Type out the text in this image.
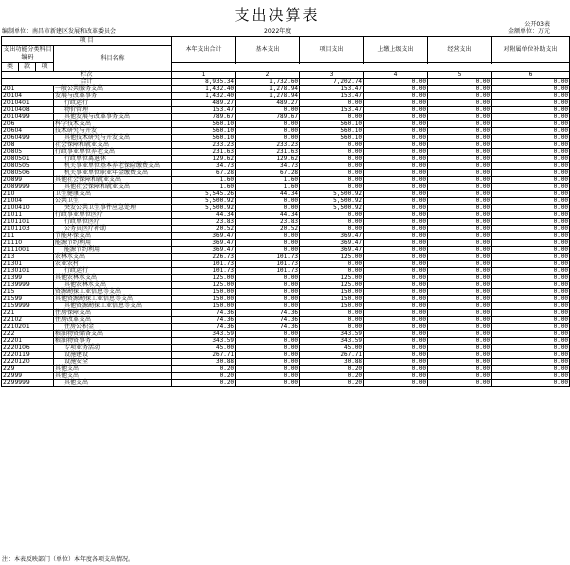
支出决算表
公开03表
编制单位：南昌市新建区发展和改革委员会	2022年度	金额单位：万元
项 目				本年支出合计	基本支出	项目支出	上缴上级支出	经营支出	对附属单位补助支出
支出功能分类科目编码			科目名称						

类	款	项							
栏次				1	2	3	4	5	6
合计				8,935.34	1,732.60	7,202.74	0.00	0.00	0.00
201			一般公共服务支出	1,432.40	1,278.94	153.47	0.00	0.00	0.00
20104			发展与改革事务	1,432.40	1,278.94	153.47	0.00	0.00	0.00
2010401			行政运行	489.27	489.27	0.00	0.00	0.00	0.00
2010408			物价管理	153.47	0.00	153.47	0.00	0.00	0.00
2010499			其他发展与改革事务支出	789.67	789.67	0.00	0.00	0.00	0.00
206			科学技术支出	560.10	0.00	560.10	0.00	0.00	0.00
20604			技术研究与开发	560.10	0.00	560.10	0.00	0.00	0.00
2060499			其他技术研究与开发支出	560.10	0.00	560.10	0.00	0.00	0.00
208			社会保障和就业支出	233.23	233.23	0.00	0.00	0.00	0.00
20805			行政事业单位养老支出	231.63	231.63	0.00	0.00	0.00	0.00
2080501			行政单位离退休	129.62	129.62	0.00	0.00	0.00	0.00
2080505			机关事业单位基本养老保险缴费支出	34.73	34.73	0.00	0.00	0.00	0.00
2080506			机关事业单位职业年金缴费支出	67.28	67.28	0.00	0.00	0.00	0.00
20899			其他社会保障和就业支出	1.60	1.60	0.00	0.00	0.00	0.00
2089999			其他社会保障和就业支出	1.60	1.60	0.00	0.00	0.00	0.00
210			卫生健康支出	5,545.26	44.34	5,500.92	0.00	0.00	0.00
21004			公共卫生	5,500.92	0.00	5,500.92	0.00	0.00	0.00
2100410			突发公共卫生事件应急处理	5,500.92	0.00	5,500.92	0.00	0.00	0.00
21011			行政事业单位医疗	44.34	44.34	0.00	0.00	0.00	0.00
2101101			行政单位医疗	23.83	23.83	0.00	0.00	0.00	0.00
2101103			公务员医疗补助	20.52	20.52	0.00	0.00	0.00	0.00
211			节能环保支出	369.47	0.00	369.47	0.00	0.00	0.00
21110			能源节约利用	369.47	0.00	369.47	0.00	0.00	0.00
2111001			能源节约利用	369.47	0.00	369.47	0.00	0.00	0.00
213			农林水支出	226.73	101.73	125.00	0.00	0.00	0.00
21301			农业农村	101.73	101.73	0.00	0.00	0.00	0.00
2130101			行政运行	101.73	101.73	0.00	0.00	0.00	0.00
21399			其他农林水支出	125.00	0.00	125.00	0.00	0.00	0.00
2139999			其他农林水支出	125.00	0.00	125.00	0.00	0.00	0.00
215			资源勘探工业信息等支出	150.00	0.00	150.00	0.00	0.00	0.00
21599			其他资源勘探工业信息等支出	150.00	0.00	150.00	0.00	0.00	0.00
2159999			其他资源勘探工业信息等支出	150.00	0.00	150.00	0.00	0.00	0.00
221			住房保障支出	74.36	74.36	0.00	0.00	0.00	0.00
22102			住房改革支出	74.36	74.36	0.00	0.00	0.00	0.00
2210201			住房公积金	74.36	74.36	0.00	0.00	0.00	0.00
222			粮油物资储备支出	343.59	0.00	343.59	0.00	0.00	0.00
22201			粮油物资事务	343.59	0.00	343.59	0.00	0.00	0.00
2220106			专项业务活动	45.00	0.00	45.00	0.00	0.00	0.00
2220119			设施建设	267.71	0.00	267.71	0.00	0.00	0.00
2220120			设施安全	30.88	0.00	30.88	0.00	0.00	0.00
229			其他支出	0.20	0.00	0.20	0.00	0.00	0.00
22999			其他支出	0.20	0.00	0.20	0.00	0.00	0.00
2299999			其他支出	0.20	0.00	0.20	0.00	0.00	0.00
注：本表反映部门（单位）本年度各项支出情况。
